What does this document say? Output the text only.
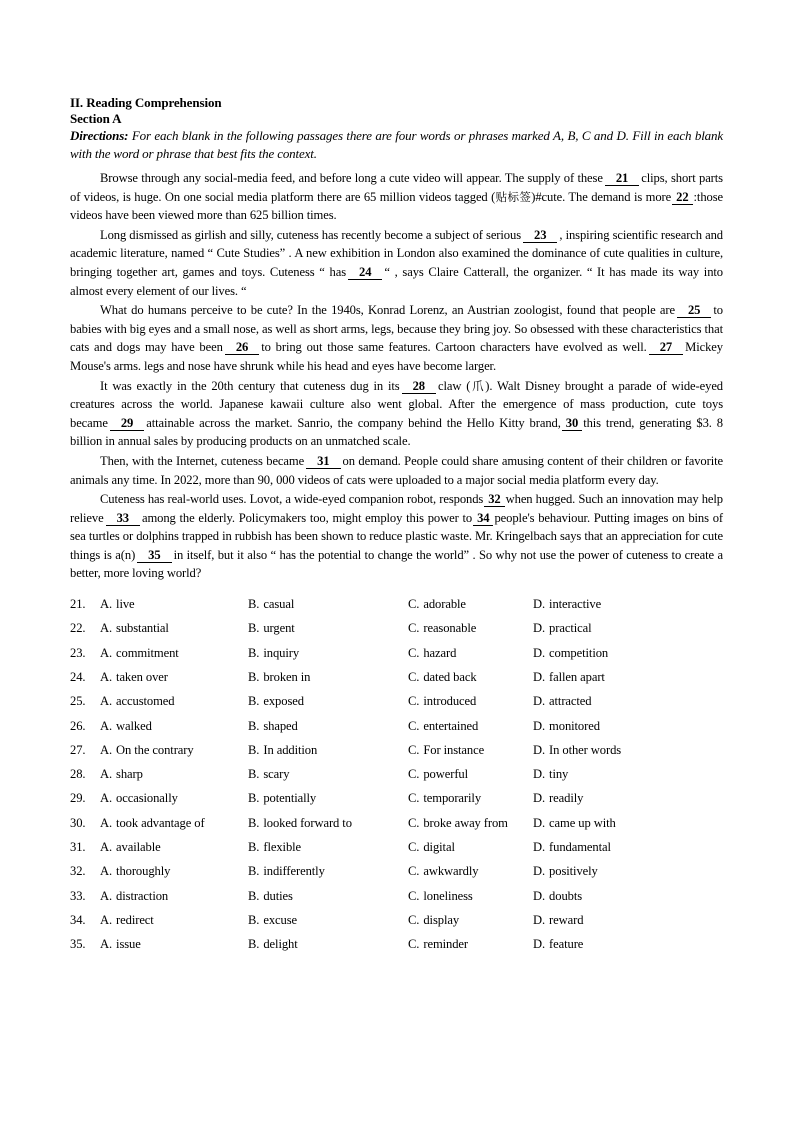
II. Reading Comprehension
Section A
Directions: For each blank in the following passages there are four words or phrases marked A, B, C and D. Fill in each blank with the word or phrase that best fits the context.

Browse through any social-media feed, and before long a cute video will appear. The supply of these 21 clips, short parts of videos, is huge. On one social media platform there are 65 million videos tagged (贴标签)#cute. The demand is more 22 :those videos have been viewed more than 625 billion times.

Long dismissed as girlish and silly, cuteness has recently become a subject of serious 23 , inspiring scientific research and academic literature, named “ Cute Studies” . A new exhibition in London also examined the dominance of cute qualities in culture, bringing together art, games and toys. Cuteness “ has 24 “ , says Claire Catterall, the organizer. “ It has made its way into almost every element of our lives. “

What do humans perceive to be cute? In the 1940s, Konrad Lorenz, an Austrian zoologist, found that people are 25 to babies with big eyes and a small nose, as well as short arms, legs, because they bring joy. So obsessed with these characteristics that cats and dogs may have been 26 to bring out those same features. Cartoon characters have evolved as well. 27 Mickey Mouse's arms. legs and nose have shrunk while his head and eyes have become larger.

It was exactly in the 20th century that cuteness dug in its 28 claw (爪). Walt Disney brought a parade of wide-eyed creatures across the world. Japanese kawaii culture also went global. After the emergence of mass production, cute toys became 29 attainable across the market. Sanrio, the company behind the Hello Kitty brand, 30 this trend, generating $3. 8 billion in annual sales by producing products on an unmatched scale.

Then, with the Internet, cuteness became 31 on demand. People could share amusing content of their children or favorite animals any time. In 2022, more than 90, 000 videos of cats were uploaded to a major social media platform every day.

Cuteness has real-world uses. Lovot, a wide-eyed companion robot, responds 32 when hugged. Such an innovation may help relieve 33 among the elderly. Policymakers too, might employ this power to 34 people's behaviour. Putting images on bins of sea turtles or dolphins trapped in rubbish has been shown to reduce plastic waste. Mr. Kringelbach says that an appreciation for cute things is a(n) 35 in itself, but it also “ has the potential to change the world” . So why not use the power of cuteness to create a better, more loving world?

21.	A. live	B. casual	C. adorable	D. interactive
22.	A. substantial	B. urgent	C. reasonable	D. practical
23.	A. commitment	B. inquiry	C. hazard	D. competition
24.	A. taken over	B. broken in	C. dated back	D. fallen apart
25.	A. accustomed	B. exposed	C. introduced	D. attracted
26.	A. walked	B. shaped	C. entertained	D. monitored
27.	A. On the contrary	B. In addition	C. For instance	D. In other words
28.	A. sharp	B. scary	C. powerful	D. tiny
29.	A. occasionally	B. potentially	C. temporarily	D. readily
30.	A. took advantage of	B. looked forward to	C. broke away from	D. came up with
31.	A. available	B. flexible	C. digital	D. fundamental
32.	A. thoroughly	B. indifferently	C. awkwardly	D. positively
33.	A. distraction	B. duties	C. loneliness	D. doubts
34.	A. redirect	B. excuse	C. display	D. reward
35.	A. issue	B. delight	C. reminder	D. feature
